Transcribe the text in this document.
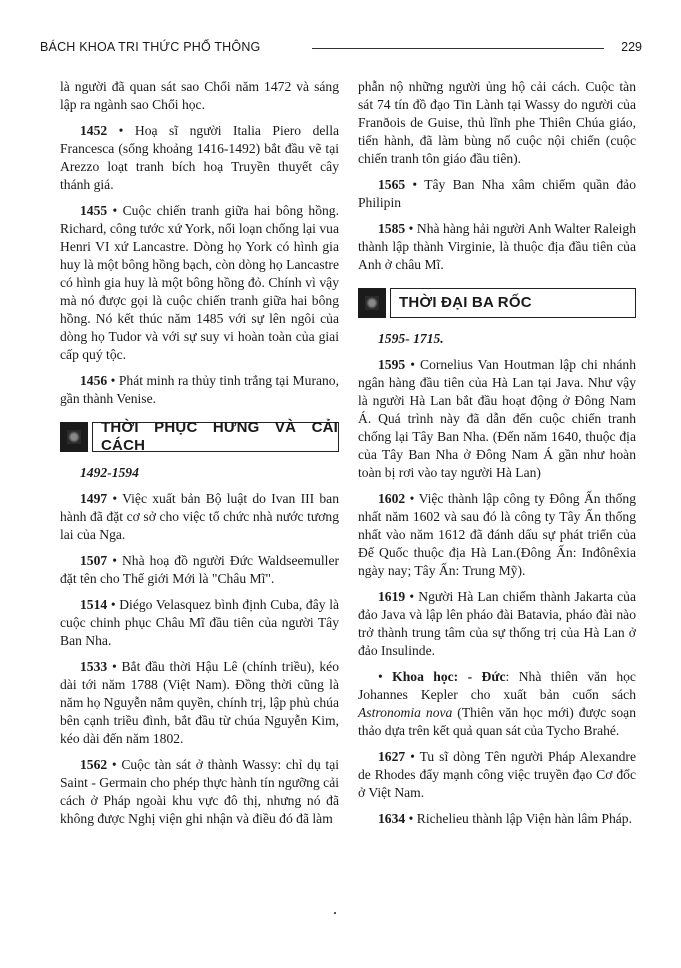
BÁCH KHOA TRI THỨC PHỔ THÔNG	229

là người đã quan sát sao Chổi năm 1472 và sáng lập ra ngành sao Chổi học.

1452 • Hoạ sĩ người Italia Piero della Francesca (sống khoảng 1416-1492) bắt đầu vẽ tại Arezzo loạt tranh bích hoạ Truyền thuyết cây thánh giá.

1455 • Cuộc chiến tranh giữa hai bông hồng. Richard, công tước xứ York, nổi loạn chống lại vua Henri VI xứ Lancastre. Dòng họ York có hình gia huy là một bông hồng bạch, còn dòng họ Lancastre có hình gia huy là một bông hồng đỏ. Chính vì vậy mà nó được gọi là cuộc chiến tranh giữa hai bông hồng. Nó kết thúc năm 1485 với sự lên ngôi của dòng họ Tudor và với sự suy vi hoàn toàn của giai cấp quý tộc.

1456 • Phát minh ra thủy tinh trắng tại Murano, gần thành Venise.

THỜI PHỤC HƯNG VÀ CẢI CÁCH

1492-1594

1497 • Việc xuất bản Bộ luật do Ivan III ban hành đã đặt cơ sở cho việc tổ chức nhà nước tương lai của Nga.

1507 • Nhà hoạ đồ người Đức Waldseemuller đặt tên cho Thế giới Mới là "Châu Mĩ".

1514 • Diégo Velasquez bình định Cuba, đây là cuộc chinh phục Châu Mĩ đầu tiên của người Tây Ban Nha.

1533 • Bắt đầu thời Hậu Lê (chính triều), kéo dài tới năm 1788 (Việt Nam). Đồng thời cũng là năm họ Nguyễn nắm quyền, chính trị, lập phủ chúa bên cạnh triều đình, bắt đầu từ chúa Nguyễn Kim, kéo dài đến năm 1802.

1562 • Cuộc tàn sát ở thành Wassy: chỉ dụ tại Saint - Germain cho phép thực hành tín ngưỡng cải cách ở Pháp ngoài khu vực đô thị, nhưng nó đã không được Nghị viện ghi nhận và điều đó đã làm

phẫn nộ những người ủng hộ cải cách. Cuộc tàn sát 74 tín đồ đạo Tin Lành tại Wassy do người của Franðois de Guise, thủ lĩnh phe Thiên Chúa giáo, tiến hành, đã làm bùng nổ cuộc nội chiến (cuộc chiến tranh tôn giáo đầu tiên).

1565 • Tây Ban Nha xâm chiếm quần đảo Philipin

1585 • Nhà hàng hải người Anh Walter Raleigh thành lập thành Virginie, là thuộc địa đầu tiên của Anh ở châu Mĩ.

THỜI ĐẠI BA RỐC

1595- 1715.

1595 • Cornelius Van Houtman lập chi nhánh ngân hàng đầu tiên của Hà Lan tại Java. Như vậy là người Hà Lan bắt đầu hoạt động ở Đông Nam Á. Quá trình này đã dẫn đến cuộc chiến tranh chống lại Tây Ban Nha. (Đến năm 1640, thuộc địa của Tây Ban Nha ở Đông Nam Á gần như hoàn toàn bị rơi vào tay người Hà Lan)

1602 • Việc thành lập công ty Đông Ấn thống nhất năm 1602 và sau đó là công ty Tây Ấn thống nhất vào năm 1612 đã đánh dấu sự phát triển của Đế Quốc thuộc địa Hà Lan.(Đông Ấn: Inđônêxia ngày nay; Tây Ấn: Trung Mỹ).

1619 • Người Hà Lan chiếm thành Jakarta của đảo Java và lập lên pháo đài Batavia, pháo đài nào trở thành trung tâm của sự thống trị của Hà Lan ở đảo Insulinde.

• Khoa học: - Đức: Nhà thiên văn học Johannes Kepler cho xuất bản cuốn sách Astronomia nova (Thiên văn học mới) được soạn thảo dựa trên kết quả quan sát của Tycho Brahé.

1627 • Tu sĩ dòng Tên người Pháp Alexandre de Rhodes đẩy mạnh công việc truyền đạo Cơ đốc ở Việt Nam.

1634 • Richelieu thành lập Viện hàn lâm Pháp.
